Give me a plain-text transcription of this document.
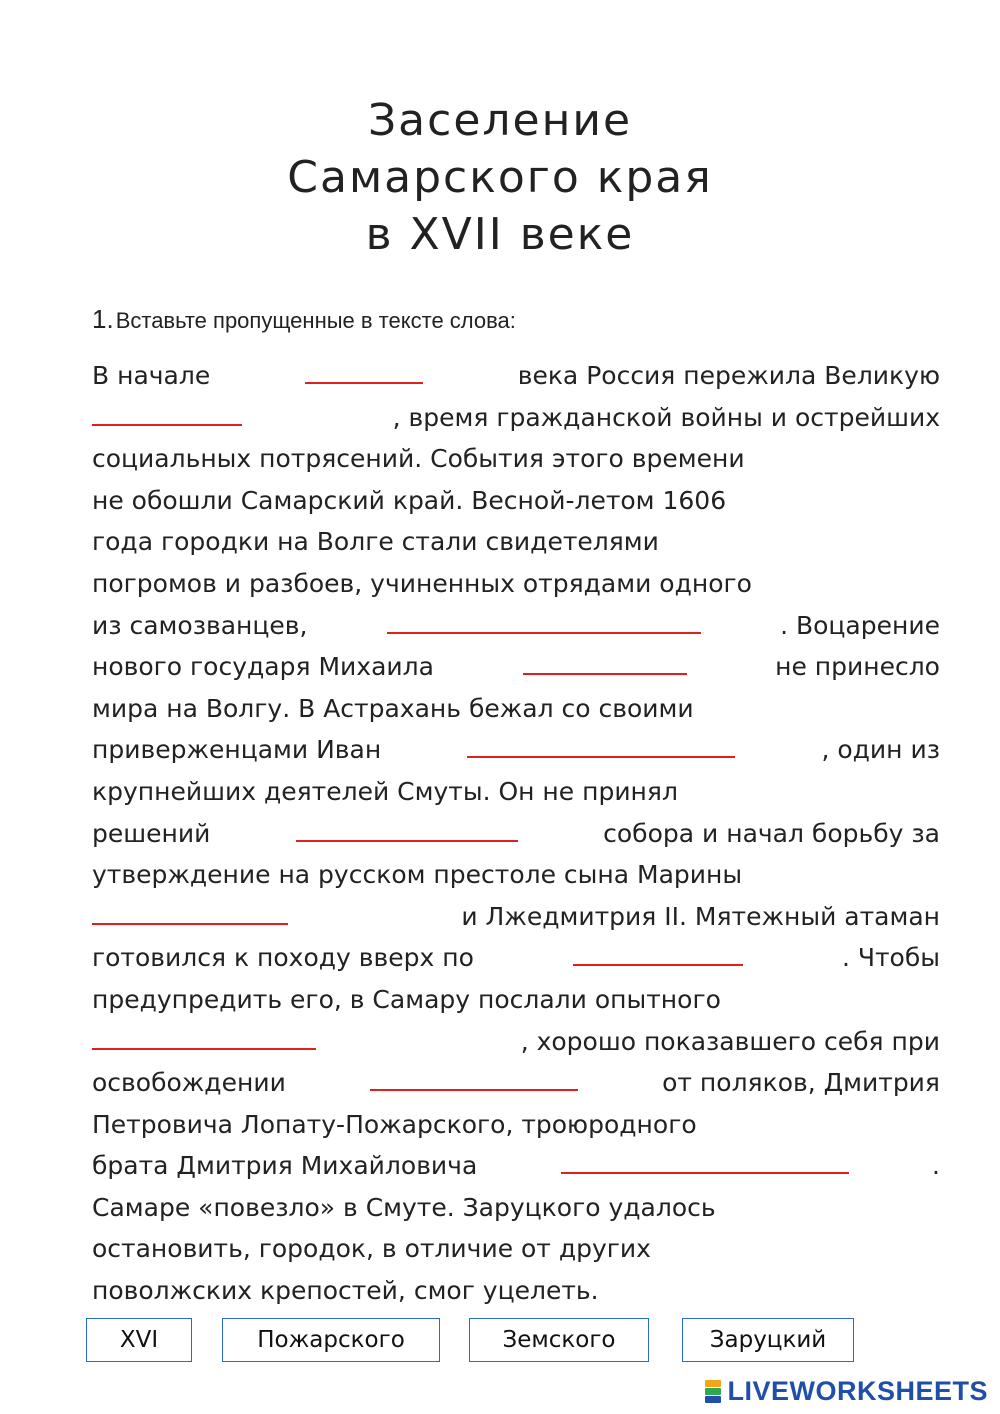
Заселение
Самарского края
в XVII веке
1.Вставьте пропущенные в тексте слова:
В начале	века Россия пережила Великую
, время гражданской войны и острейших
социальных потрясений. События этого времени
не обошли Самарский край. Весной-летом 1606
года городки на Волге стали свидетелями
погромов и разбоев, учиненных отрядами одного
из самозванцев,	. Воцарение
нового государя Михаила	не принесло
мира на Волгу. В Астрахань бежал со своими
приверженцами Иван	, один из
крупнейших деятелей Смуты. Он не принял
решений	собора и начал борьбу за
утверждение на русском престоле сына Марины
и Лжедмитрия II. Мятежный атаман
готовился к походу вверх по	. Чтобы
предупредить его, в Самару послали опытного
, хорошо показавшего себя при
освобождении	от поляков, Дмитрия
Петровича Лопату-Пожарского, троюродного
брата Дмитрия Михайловича	.
Самаре «повезло» в Смуте. Заруцкого удалось
остановить, городок, в отличие от других
поволжских крепостей, смог уцелеть.
XVI	Пожарского	Земского	Заруцкий
LIVEWORKSHEETS
